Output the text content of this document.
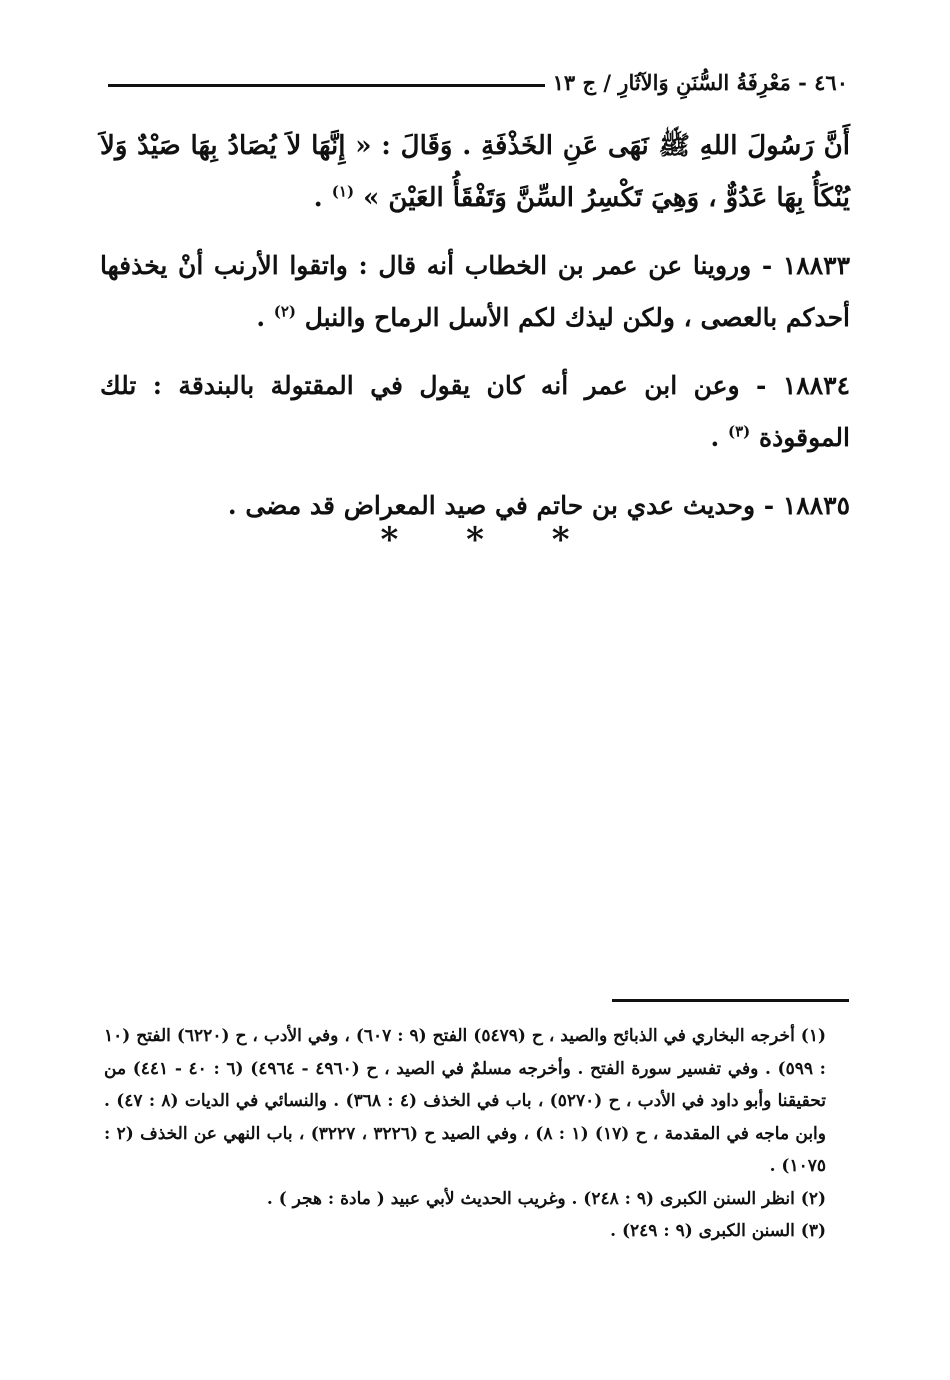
٤٦٠ - مَعْرِفَةُ السُّنَنِ وَالآثَارِ / ج ١٣

أَنَّ رَسُولَ اللهِ ﷺ نَهَى عَنِ الخَذْفَةِ . وَقَالَ : « إِنَّهَا لاَ يُصَادُ بِهَا صَيْدٌ وَلاَ يُنْكَأُ بِهَا عَدُوٌّ ، وَهِيَ تَكْسِرُ السِّنَّ وَتَفْقَأُ العَيْنَ » $^{(١)}$ .

١٨٨٣٣ - وروينا عن عمر بن الخطاب أنه قال : واتقوا الأرنب أنْ يخذفها أحدكم بالعصى ، ولكن ليذك لكم الأسل الرماح والنبل $^{(٢)}$ .

١٨٨٣٤ - وعن ابن عمر أنه كان يقول في المقتولة بالبندقة : تلك الموقوذة $^{(٣)}$ .

١٨٨٣٥ - وحديث عدي بن حاتم في صيد المعراض قد مضى .

* * *

(١) أخرجه البخاري في الذبائح والصيد ، ح (٥٤٧٩) الفتح (٩ : ٦٠٧) ، وفي الأدب ، ح (٦٢٢٠) الفتح (١٠ : ٥٩٩) . وفي تفسير سورة الفتح . وأخرجه مسلمٌ في الصيد ، ح (٤٩٦٠ - ٤٩٦٤) (٦ : ٤٠ - ٤٤١) من تحقيقنا وأبو داود في الأدب ، ح (٥٢٧٠) ، باب في الخذف (٤ : ٣٦٨) . والنسائي في الديات (٨ : ٤٧) . وابن ماجه في المقدمة ، ح (١٧) (١ : ٨) ، وفي الصيد ح (٣٢٢٦ ، ٣٢٢٧) ، باب النهي عن الخذف (٢ : ١٠٧٥) .

(٢) انظر السنن الكبرى (٩ : ٢٤٨) . وغريب الحديث لأبي عبيد ( مادة : هجر ) .

(٣) السنن الكبرى (٩ : ٢٤٩) .
